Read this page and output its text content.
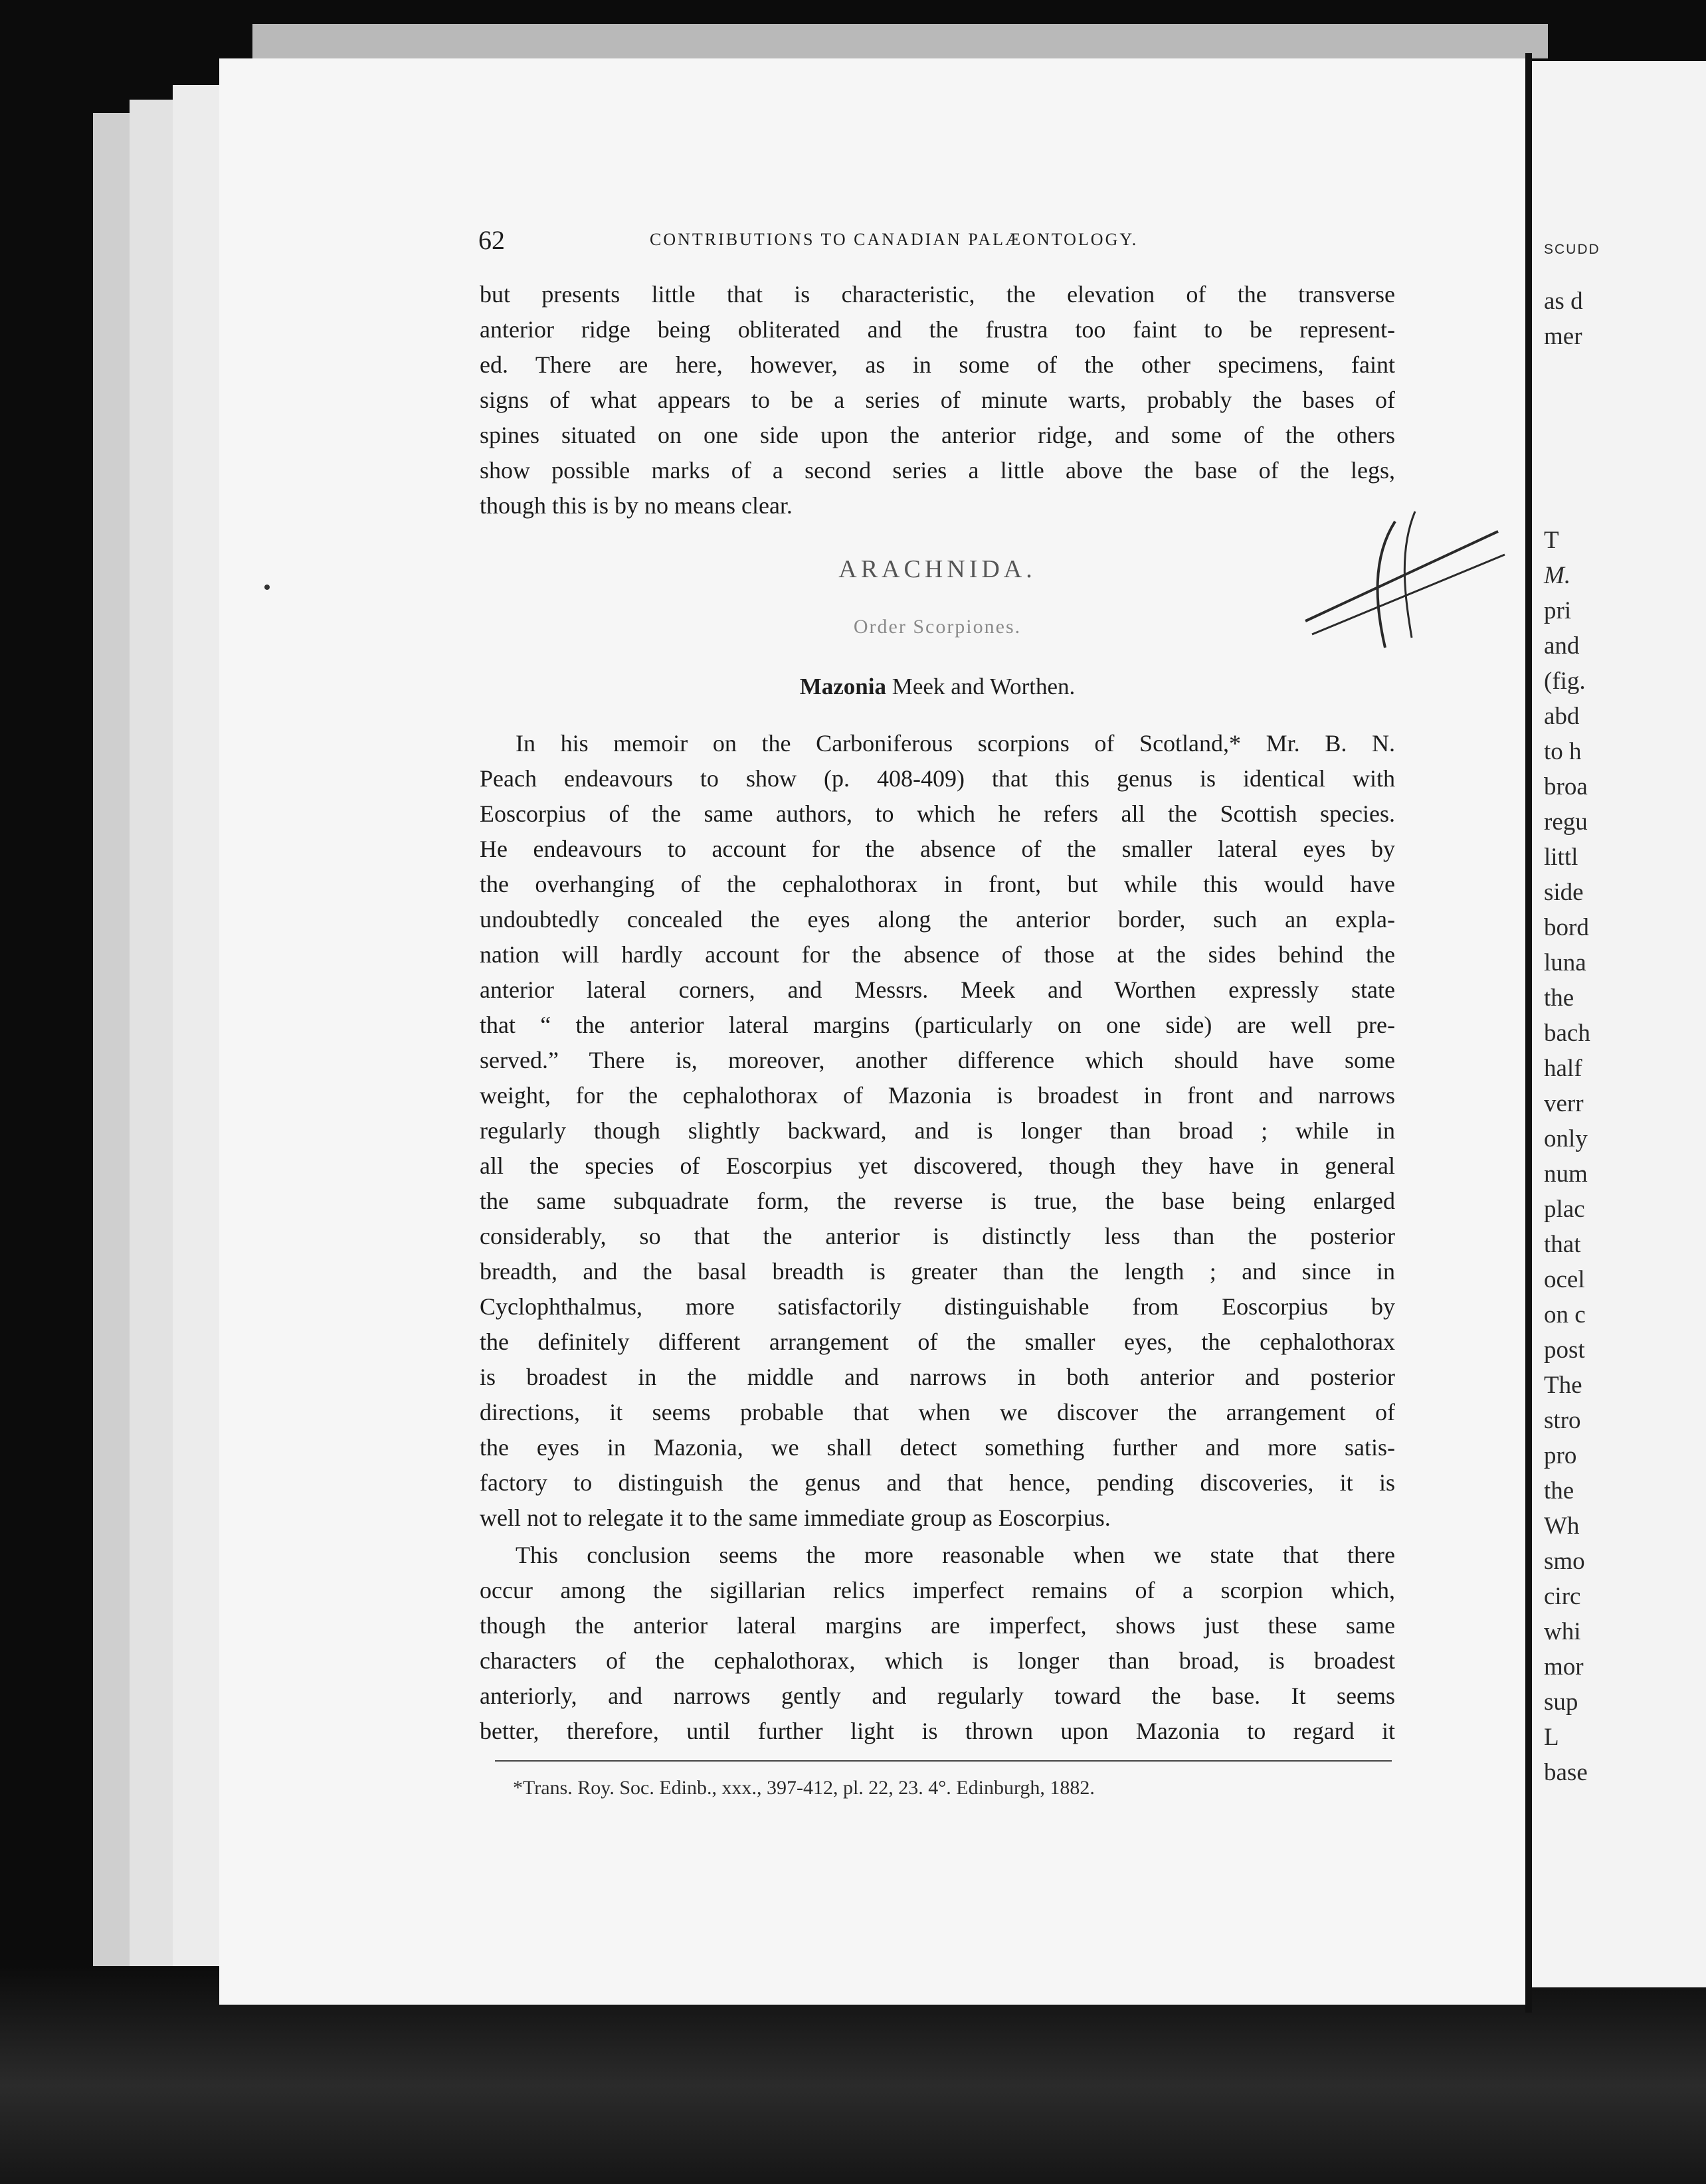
62	CONTRIBUTIONS TO CANADIAN PALÆONTOLOGY.
but presents little that is characteristic, the elevation of the transverse
anterior ridge being obliterated and the frustra too faint to be represent-
ed. There are here, however, as in some of the other specimens, faint
signs of what appears to be a series of minute warts, probably the bases of
spines situated on one side upon the anterior ridge, and some of the others
show possible marks of a second series a little above the base of the legs,
though this is by no means clear.
ARACHNIDA.
Order Scorpiones.
Mazonia Meek and Worthen.
In his memoir on the Carboniferous scorpions of Scotland,* Mr. B. N.
Peach endeavours to show (p. 408-409) that this genus is identical with
Eoscorpius of the same authors, to which he refers all the Scottish species.
He endeavours to account for the absence of the smaller lateral eyes by
the overhanging of the cephalothorax in front, but while this would have
undoubtedly concealed the eyes along the anterior border, such an expla-
nation will hardly account for the absence of those at the sides behind the
anterior lateral corners, and Messrs. Meek and Worthen expressly state
that “ the anterior lateral margins (particularly on one side) are well pre-
served.” There is, moreover, another difference which should have some
weight, for the cephalothorax of Mazonia is broadest in front and narrows
regularly though slightly backward, and is longer than broad ; while in
all the species of Eoscorpius yet discovered, though they have in general
the same subquadrate form, the reverse is true, the base being enlarged
considerably, so that the anterior is distinctly less than the posterior
breadth, and the basal breadth is greater than the length ; and since in
Cyclophthalmus, more satisfactorily distinguishable from Eoscorpius by
the definitely different arrangement of the smaller eyes, the cephalothorax
is broadest in the middle and narrows in both anterior and posterior
directions, it seems probable that when we discover the arrangement of
the eyes in Mazonia, we shall detect something further and more satis-
factory to distinguish the genus and that hence, pending discoveries, it is
well not to relegate it to the same immediate group as Eoscorpius.
This conclusion seems the more reasonable when we state that there
occur among the sigillarian relics imperfect remains of a scorpion which,
though the anterior lateral margins are imperfect, shows just these same
characters of the cephalothorax, which is longer than broad, is broadest
anteriorly, and narrows gently and regularly toward the base. It seems
better, therefore, until further light is thrown upon Mazonia to regard it
*Trans. Roy. Soc. Edinb., xxx., 397-412, pl. 22, 23. 4°. Edinburgh, 1882.
SCUDD
as d
mer
T
M.
pri
and
(fig.
abd
to h
broa
regu
littl
side
bord
luna
the
bach
half
verr
only
num
plac
that
ocel
on c
post
The
stro
pro
the
Wh
smo
circ
whi
mor
sup
L
base
